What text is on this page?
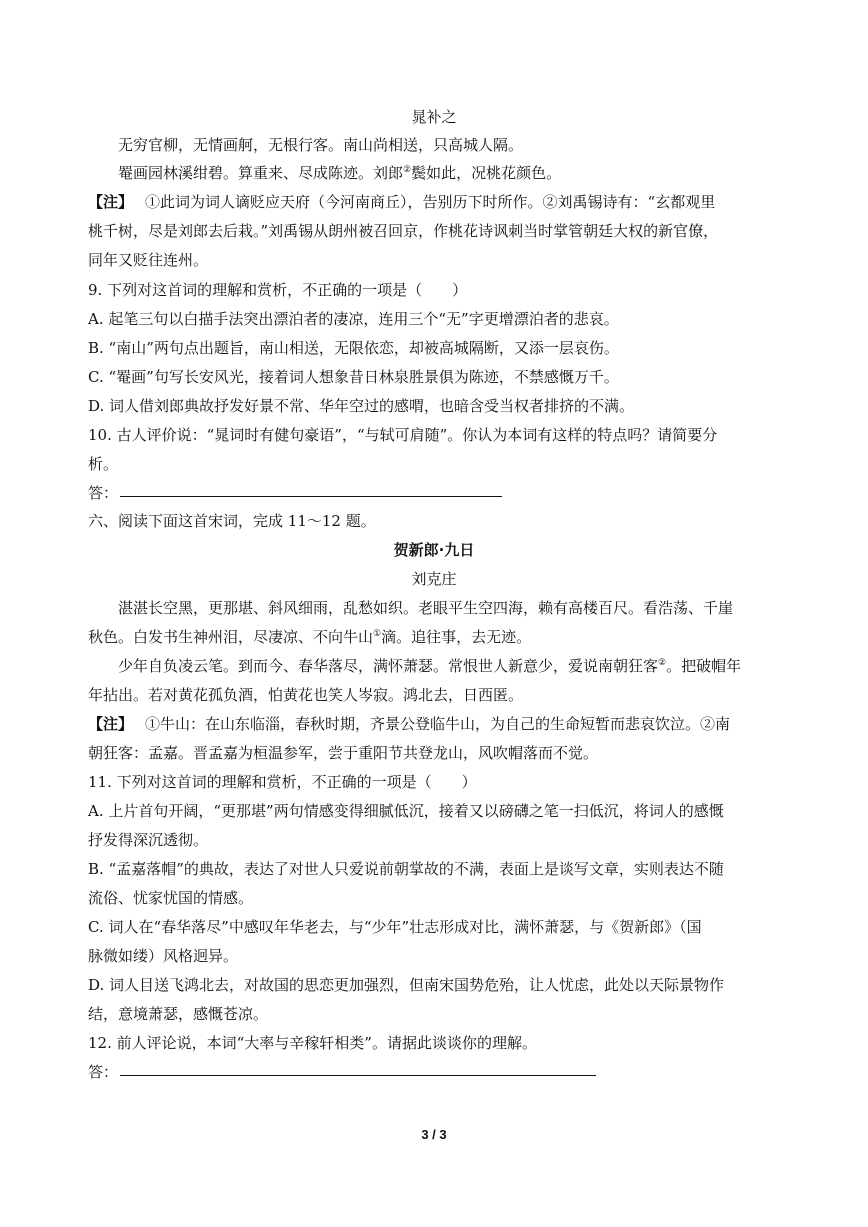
晁补之
无穷官柳，无情画舸，无根行客。南山尚相送，只高城人隔。
罨画园林溪绀碧。算重来、尽成陈迹。刘郎②鬓如此，况桃花颜色。
【注】 ①此词为词人谪贬应天府（今河南商丘），告别历下时所作。②刘禹锡诗有：“玄都观里
桃千树，尽是刘郎去后栽。”刘禹锡从朗州被召回京，作桃花诗讽刺当时掌管朝廷大权的新官僚，
同年又贬往连州。
9. 下列对这首词的理解和赏析，不正确的一项是（　　）
A. 起笔三句以白描手法突出漂泊者的凄凉，连用三个“无”字更增漂泊者的悲哀。
B. “南山”两句点出题旨，南山相送，无限依恋，却被高城隔断，又添一层哀伤。
C. “罨画”句写长安风光，接着词人想象昔日林泉胜景俱为陈迹，不禁感慨万千。
D. 词人借刘郎典故抒发好景不常、华年空过的感喟，也暗含受当权者排挤的不满。
10. 古人评价说：“晁词时有健句豪语”，“与轼可肩随”。你认为本词有这样的特点吗？请简要分
析。
答：
六、阅读下面这首宋词，完成 11～12 题。
贺新郎·九日
刘克庄
湛湛长空黑，更那堪、斜风细雨，乱愁如织。老眼平生空四海，赖有高楼百尺。看浩荡、千崖
秋色。白发书生神州泪，尽凄凉、不向牛山①滴。追往事，去无迹。
少年自负凌云笔。到而今、春华落尽，满怀萧瑟。常恨世人新意少，爱说南朝狂客②。把破帽年
年拈出。若对黄花孤负酒，怕黄花也笑人岑寂。鸿北去，日西匿。
【注】 ①牛山：在山东临淄，春秋时期，齐景公登临牛山，为自己的生命短暂而悲哀饮泣。②南
朝狂客：孟嘉。晋孟嘉为桓温参军，尝于重阳节共登龙山，风吹帽落而不觉。
11. 下列对这首词的理解和赏析，不正确的一项是（　　）
A. 上片首句开阔，“更那堪”两句情感变得细腻低沉，接着又以磅礴之笔一扫低沉，将词人的感慨
抒发得深沉透彻。
B. “孟嘉落帽”的典故，表达了对世人只爱说前朝掌故的不满，表面上是谈写文章，实则表达不随
流俗、忧家忧国的情感。
C. 词人在“春华落尽”中感叹年华老去，与“少年”壮志形成对比，满怀萧瑟，与《贺新郎》（国
脉微如缕）风格迥异。
D. 词人目送飞鸿北去，对故国的思恋更加强烈，但南宋国势危殆，让人忧虑，此处以天际景物作
结，意境萧瑟，感慨苍凉。
12. 前人评论说，本词“大率与辛稼轩相类”。请据此谈谈你的理解。
答：
3 / 3
